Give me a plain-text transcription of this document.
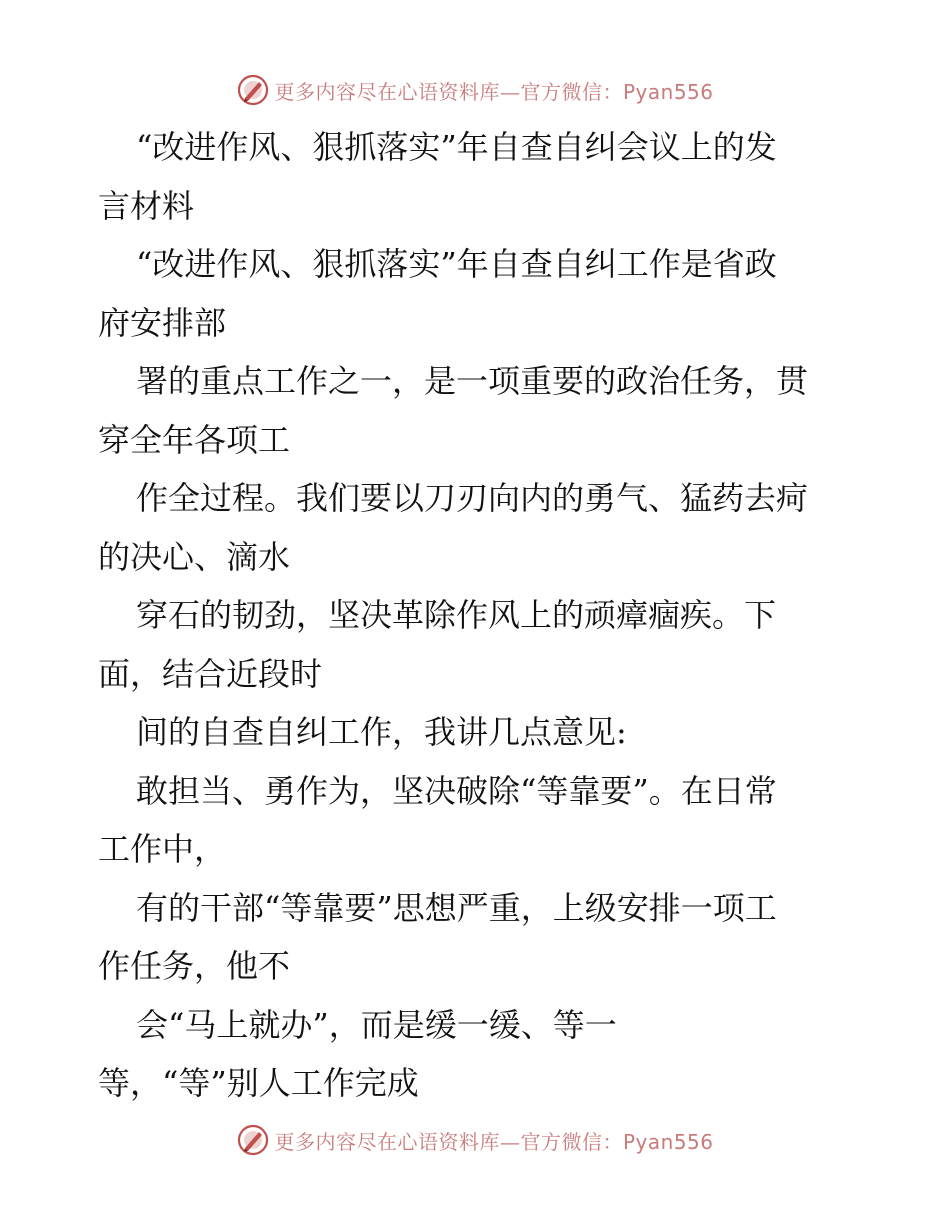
更多内容尽在心语资料库—官方微信：Pyan556
“改进作风、狠抓落实”年自查自纠会议上的发
言材料
“改进作风、狠抓落实”年自查自纠工作是省政
府安排部
署的重点工作之一，是一项重要的政治任务，贯
穿全年各项工
作全过程。我们要以刀刃向内的勇气、猛药去疴
的决心、滴水
穿石的韧劲，坚决革除作风上的顽瘴痼疾。下
面，结合近段时
间的自查自纠工作，我讲几点意见:
敢担当、勇作为，坚决破除“等靠要”。在日常
工作中，
有的干部“等靠要”思想严重，上级安排一项工
作任务，他不
会“马上就办”，而是缓一缓、等一
等，“等”别人工作完成
更多内容尽在心语资料库—官方微信：Pyan556
